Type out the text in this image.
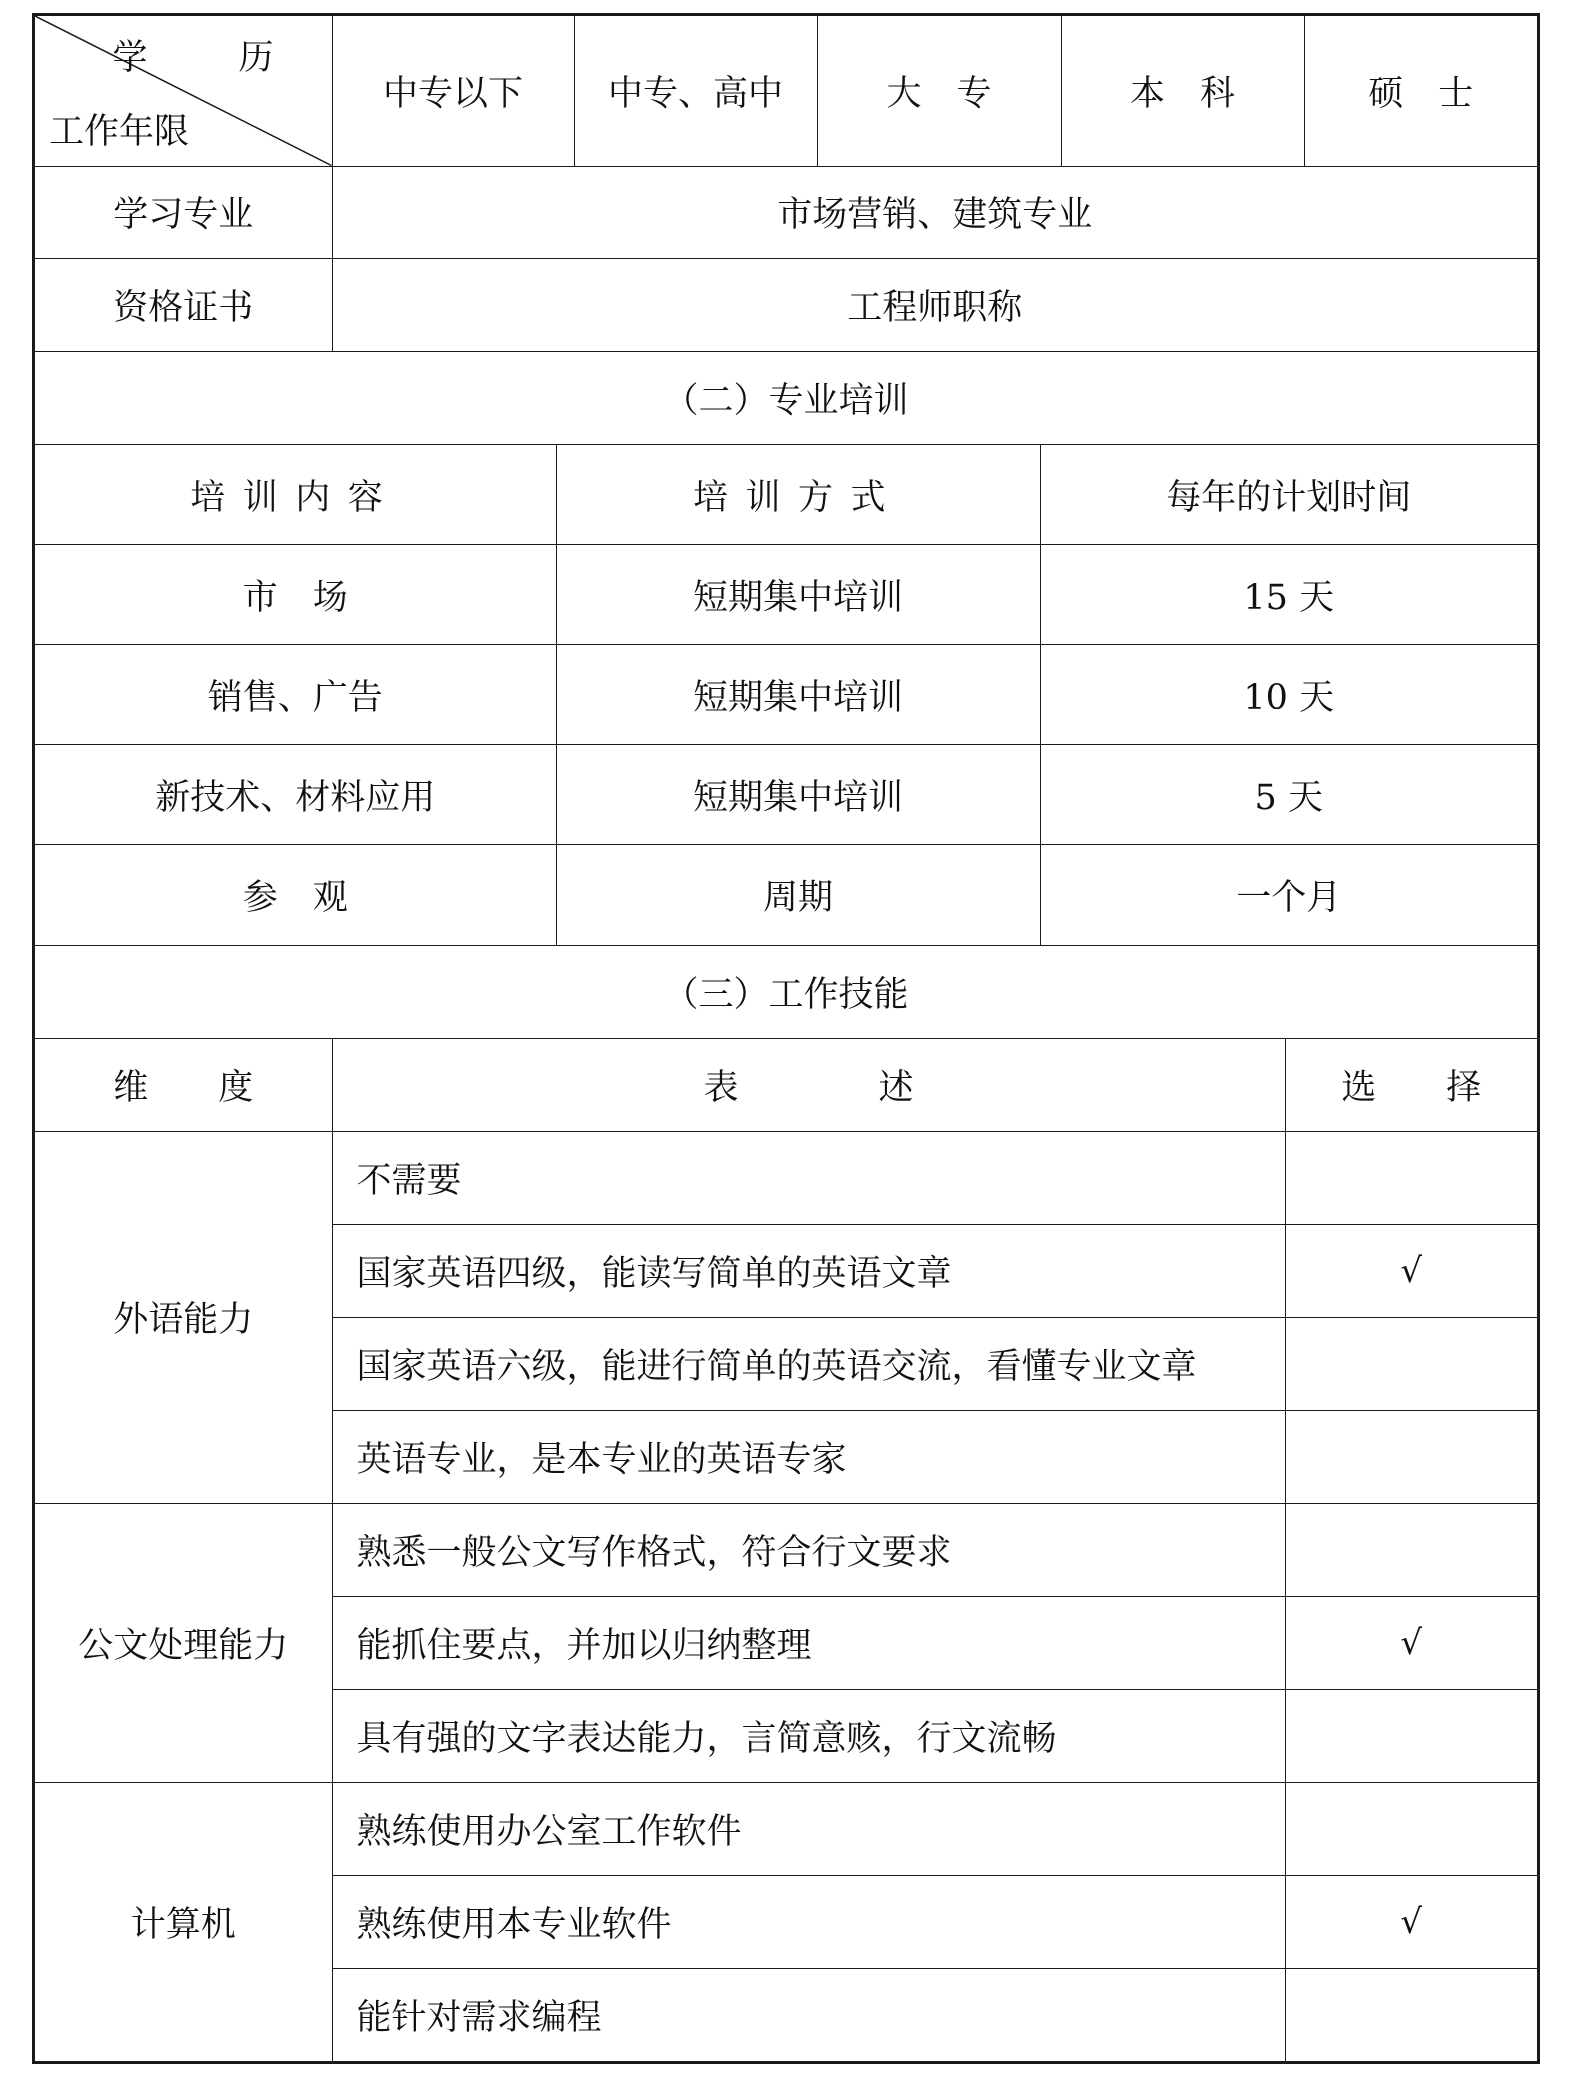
学　历
工作年限	中专以下	中专、高中	大　专	本　科	硕　士
学习专业	市场营销、建筑专业				
资格证书	工程师职称				
（二）专业培训		
培训内容	培训方式	每年的计划时间
市　场	短期集中培训	15 天
销售、广告	短期集中培训	10 天
新技术、材料应用	短期集中培训	5 天
参　观	周期	一个月
（三）工作技能		
维　　度	表　　　　述	选　　择
外语能力	不需要	
	国家英语四级，能读写简单的英语文章	√
	国家英语六级，能进行简单的英语交流，看懂专业文章	
	英语专业，是本专业的英语专家	
公文处理能力	熟悉一般公文写作格式，符合行文要求	
	能抓住要点，并加以归纳整理	√
	具有强的文字表达能力，言简意赅，行文流畅	
计算机	熟练使用办公室工作软件	
	熟练使用本专业软件	√
	能针对需求编程	
